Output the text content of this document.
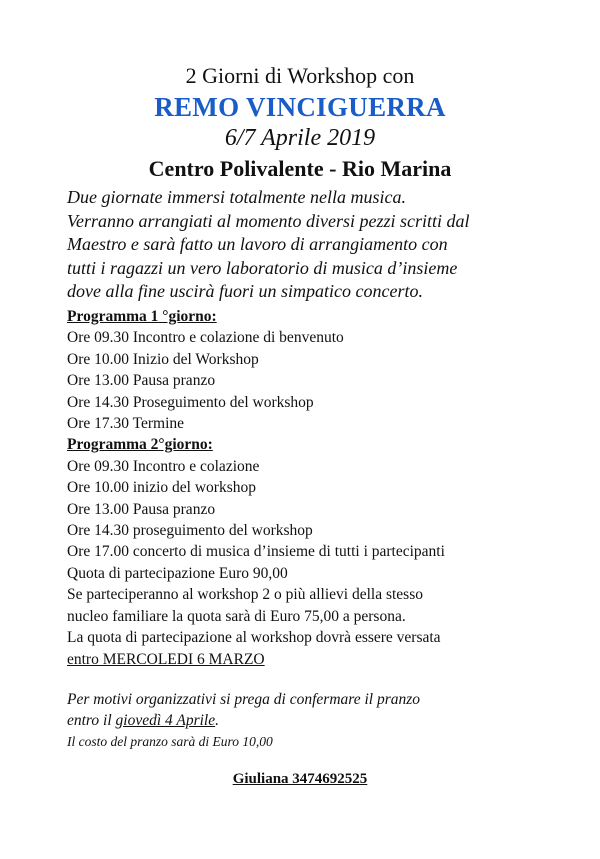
2 Giorni di Workshop con
REMO VINCIGUERRA
6/7 Aprile 2019
Centro Polivalente - Rio Marina
Due giornate immersi totalmente nella musica.
Verranno arrangiati al momento diversi pezzi scritti dal
Maestro e sarà fatto un lavoro di arrangiamento con
tutti i ragazzi un vero laboratorio di musica d’insieme
dove alla fine uscirà fuori un simpatico concerto.
Programma 1 °giorno:
Ore 09.30 Incontro e colazione di benvenuto
Ore 10.00 Inizio del Workshop
Ore 13.00 Pausa pranzo
Ore 14.30 Proseguimento del workshop
Ore 17.30 Termine
Programma 2°giorno:
Ore 09.30 Incontro e colazione
Ore 10.00 inizio del workshop
Ore 13.00 Pausa pranzo
Ore 14.30 proseguimento del workshop
Ore 17.00 concerto di musica d’insieme di tutti i partecipanti
Quota di partecipazione Euro 90,00
Se parteciperanno al workshop 2 o più allievi della stesso
nucleo familiare la quota sarà di Euro 75,00 a persona.
La quota di partecipazione al workshop dovrà essere versata
entro MERCOLEDI 6 MARZO
Per motivi organizzativi si prega di confermare il pranzo
entro il giovedì 4 Aprile.
Il costo del pranzo sarà di Euro 10,00
Giuliana 3474692525
